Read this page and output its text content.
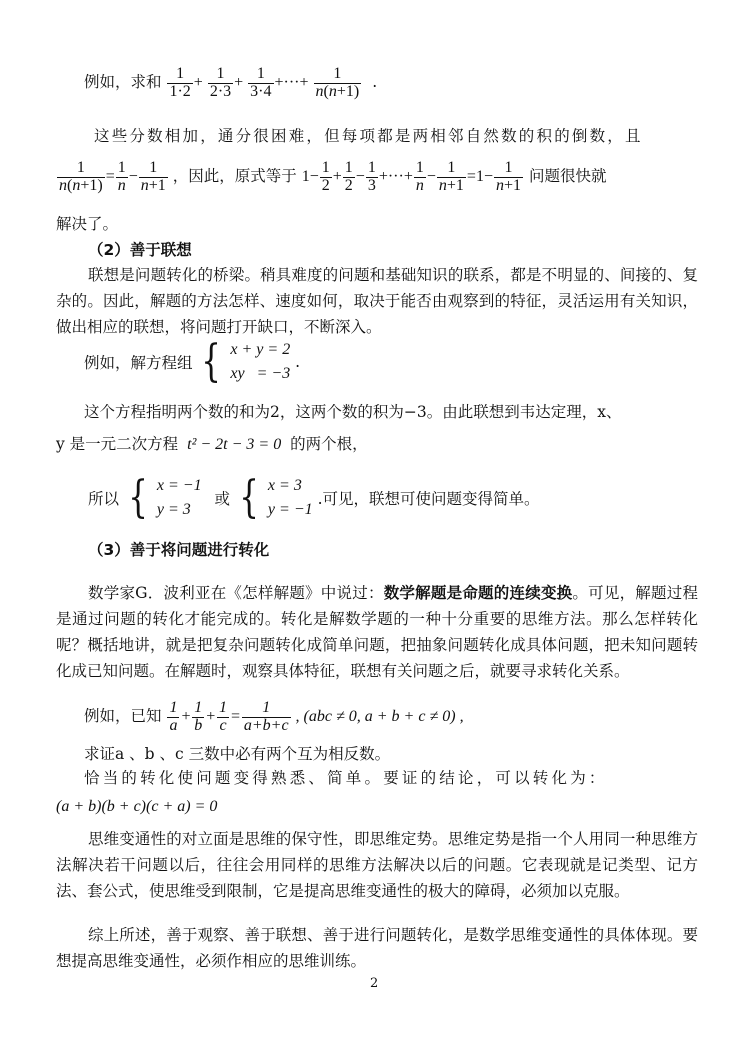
例如，求和 $\frac{1}{1\cdot 2} + \frac{1}{2\cdot 3} + \frac{1}{3\cdot 4}$ +···+ $\frac{1}{n(n+1)}$ .
这些分数相加，通分很困难，但每项都是两相邻自然数的积的倒数，且
$\frac{1}{n(n+1)} = \frac{1}{n} - \frac{1}{n+1}$ ，因此，原式等于 $1- \frac{1}{2} + \frac{1}{2} - \frac{1}{3}$ +···+ $\frac{1}{n} - \frac{1}{n+1} =1- \frac{1}{n+1}$ 问题很快就
解决了。
（2）善于联想
联想是问题转化的桥梁。稍具难度的问题和基础知识的联系，都是不明显的、间接的、复杂的。因此，解题的方法怎样、速度如何，取决于能否由观察到的特征，灵活运用有关知识，做出相应的联想，将问题打开缺口，不断深入。
例如，解方程组 { x + y = 2
xy   = −3
.
这个方程指明两个数的和为2，这两个数的积为−3。由此联想到韦达定理，x、
y 是一元二次方程 t² − 2t − 3 = 0 的两个根，
所以 { x = −1
y = 3
或 { x = 3
y = −1
.可见，联想可使问题变得简单。
（3）善于将问题进行转化
数学家G．波利亚在《怎样解题》中说过：数学解题是命题的连续变换。可见，解题过程是通过问题的转化才能完成的。转化是解数学题的一种十分重要的思维方法。那么怎样转化呢？概括地讲，就是把复杂问题转化成简单问题，把抽象问题转化成具体问题，把未知问题转化成已知问题。在解题时，观察具体特征，联想有关问题之后，就要寻求转化关系。
例如，已知 $\frac{1}{a} + \frac{1}{b} + \frac{1}{c} = \frac{1}{a+b+c}$ , (abc ≠ 0, a + b + c ≠ 0) ,
求证a 、b 、c 三数中必有两个互为相反数。
恰当的转化使问题变得熟悉、简单。要证的结论，可以转化为：
(a + b)(b + c)(c + a) = 0
思维变通性的对立面是思维的保守性，即思维定势。思维定势是指一个人用同一种思维方法解决若干问题以后，往往会用同样的思维方法解决以后的问题。它表现就是记类型、记方法、套公式，使思维受到限制，它是提高思维变通性的极大的障碍，必须加以克服。
综上所述，善于观察、善于联想、善于进行问题转化，是数学思维变通性的具体体现。要想提高思维变通性，必须作相应的思维训练。
2
